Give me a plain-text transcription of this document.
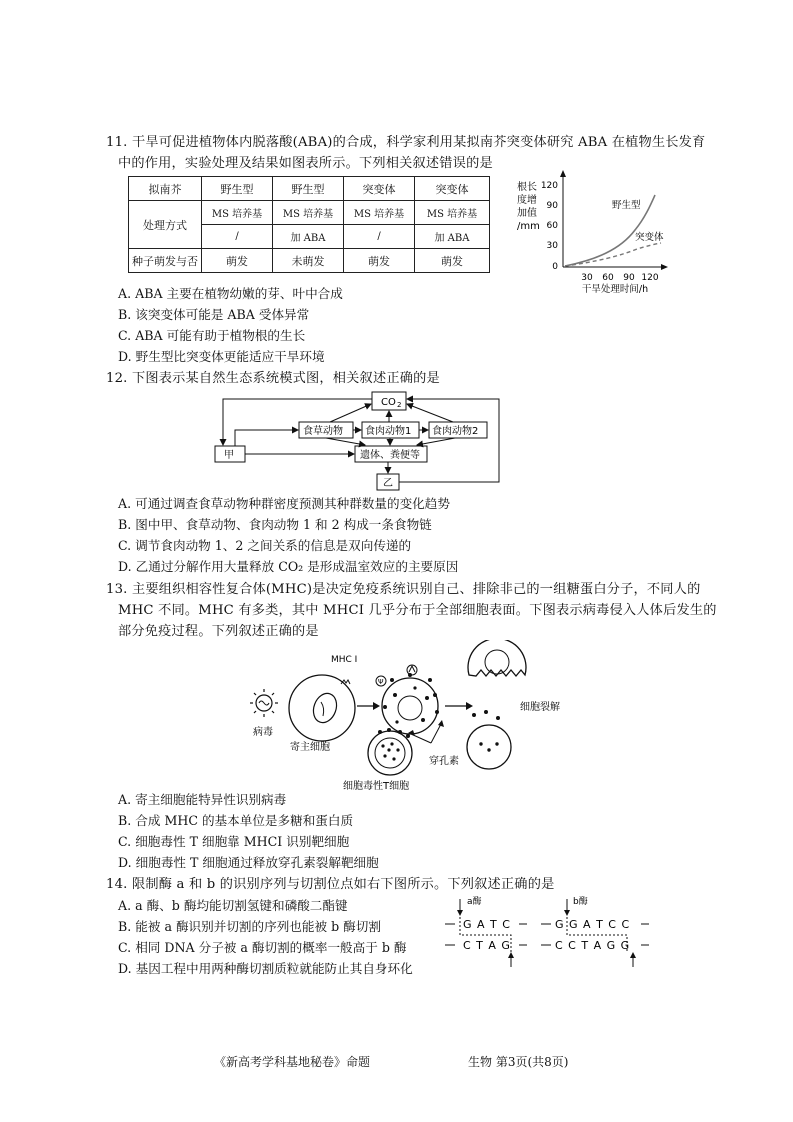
11. 干旱可促进植物体内脱落酸(ABA)的合成，科学家利用某拟南芥突变体研究 ABA 在植物生长发育
中的作用，实验处理及结果如图表所示。下列相关叙述错误的是
拟南芥	野生型	野生型	突变体	突变体
处理方式	MS 培养基	MS 培养基	MS 培养基	MS 培养基
	/	加 ABA	/	加 ABA
种子萌发与否	萌发	未萌发	萌发	萌发
根长
度增
加值
/mm
120
90
60
30
0
30 60 90 120
干旱处理时间/h
野生型
突变体
A. ABA 主要在植物幼嫩的芽、叶中合成
B. 该突变体可能是 ABA 受体异常
C. ABA 可能有助于植物根的生长
D. 野生型比突变体更能适应干旱环境
12. 下图表示某自然生态系统模式图，相关叙述正确的是
CO 2
甲
食草动物 食肉动物1 食肉动物2
遗体、粪便等
乙
A. 可通过调查食草动物种群密度预测其种群数量的变化趋势
B. 图中甲、食草动物、食肉动物 1 和 2 构成一条食物链
C. 调节食肉动物 1、2 之间关系的信息是双向传递的
D. 乙通过分解作用大量释放 CO₂ 是形成温室效应的主要原因
13. 主要组织相容性复合体(MHC)是决定免疫系统识别自己、排除非己的一组糖蛋白分子，不同人的
MHC 不同。MHC 有多类，其中 MHCI 几乎分布于全部细胞表面。下图表示病毒侵入人体后发生的
部分免疫过程。下列叙述正确的是
病毒
寄主细胞
MHC I
Ψ
细胞毒性T细胞
穿孔素
细胞裂解
A. 寄主细胞能特异性识别病毒
B. 合成 MHC 的基本单位是多糖和蛋白质
C. 细胞毒性 T 细胞靠 MHCI 识别靶细胞
D. 细胞毒性 T 细胞通过释放穿孔素裂解靶细胞
14. 限制酶 a 和 b 的识别序列与切割位点如右下图所示。下列叙述正确的是
A. a 酶、b 酶均能切割氢键和磷酸二酯键
B. 能被 a 酶识别并切割的序列也能被 b 酶切割
C. 相同 DNA 分子被 a 酶切割的概率一般高于 b 酶
D. 基因工程中用两种酶切割质粒就能防止其自身环化
a酶
G A T C
C T A G
b酶
G G A T C C
C C T A G G
《新高考学科基地秘卷》命题	生物 第3页(共8页)
